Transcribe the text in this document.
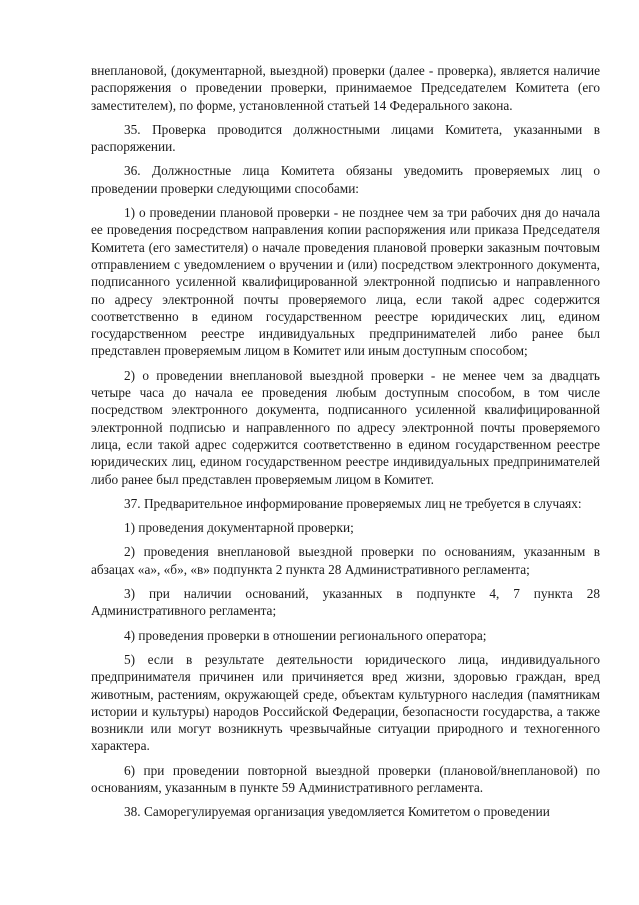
внеплановой, (документарной, выездной) проверки (далее - проверка), является наличие распоряжения о проведении проверки, принимаемое Председателем Комитета (его заместителем), по форме, установленной статьей 14 Федерального закона.

35. Проверка проводится должностными лицами Комитета, указанными в распоряжении.

36. Должностные лица Комитета обязаны уведомить проверяемых лиц о проведении проверки следующими способами:

1) о проведении плановой проверки - не позднее чем за три рабочих дня до начала ее проведения посредством направления копии распоряжения или приказа Председателя Комитета (его заместителя) о начале проведения плановой проверки заказным почтовым отправлением с уведомлением о вручении и (или) посредством электронного документа, подписанного усиленной квалифицированной электронной подписью и направленного по адресу электронной почты проверяемого лица, если такой адрес содержится соответственно в едином государственном реестре юридических лиц, едином государственном реестре индивидуальных предпринимателей либо ранее был представлен проверяемым лицом в Комитет или иным доступным способом;

2) о проведении внеплановой выездной проверки - не менее чем за двадцать четыре часа до начала ее проведения любым доступным способом, в том числе посредством электронного документа, подписанного усиленной квалифицированной электронной подписью и направленного по адресу электронной почты проверяемого лица, если такой адрес содержится соответственно в едином государственном реестре юридических лиц, едином государственном реестре индивидуальных предпринимателей либо ранее был представлен проверяемым лицом в Комитет.

37. Предварительное информирование проверяемых лиц не требуется в случаях:

1) проведения документарной проверки;

2) проведения внеплановой выездной проверки по основаниям, указанным в абзацах «а», «б», «в» подпункта 2 пункта 28 Административного регламента;

3) при наличии оснований, указанных в подпункте 4, 7 пункта 28 Административного регламента;

4) проведения проверки в отношении регионального оператора;

5) если в результате деятельности юридического лица, индивидуального предпринимателя причинен или причиняется вред жизни, здоровью граждан, вред животным, растениям, окружающей среде, объектам культурного наследия (памятникам истории и культуры) народов Российской Федерации, безопасности государства, а также возникли или могут возникнуть чрезвычайные ситуации природного и техногенного характера.

6) при проведении повторной выездной проверки (плановой/внеплановой) по основаниям, указанным в пункте 59 Административного регламента.

38. Саморегулируемая организация уведомляется Комитетом о проведении
